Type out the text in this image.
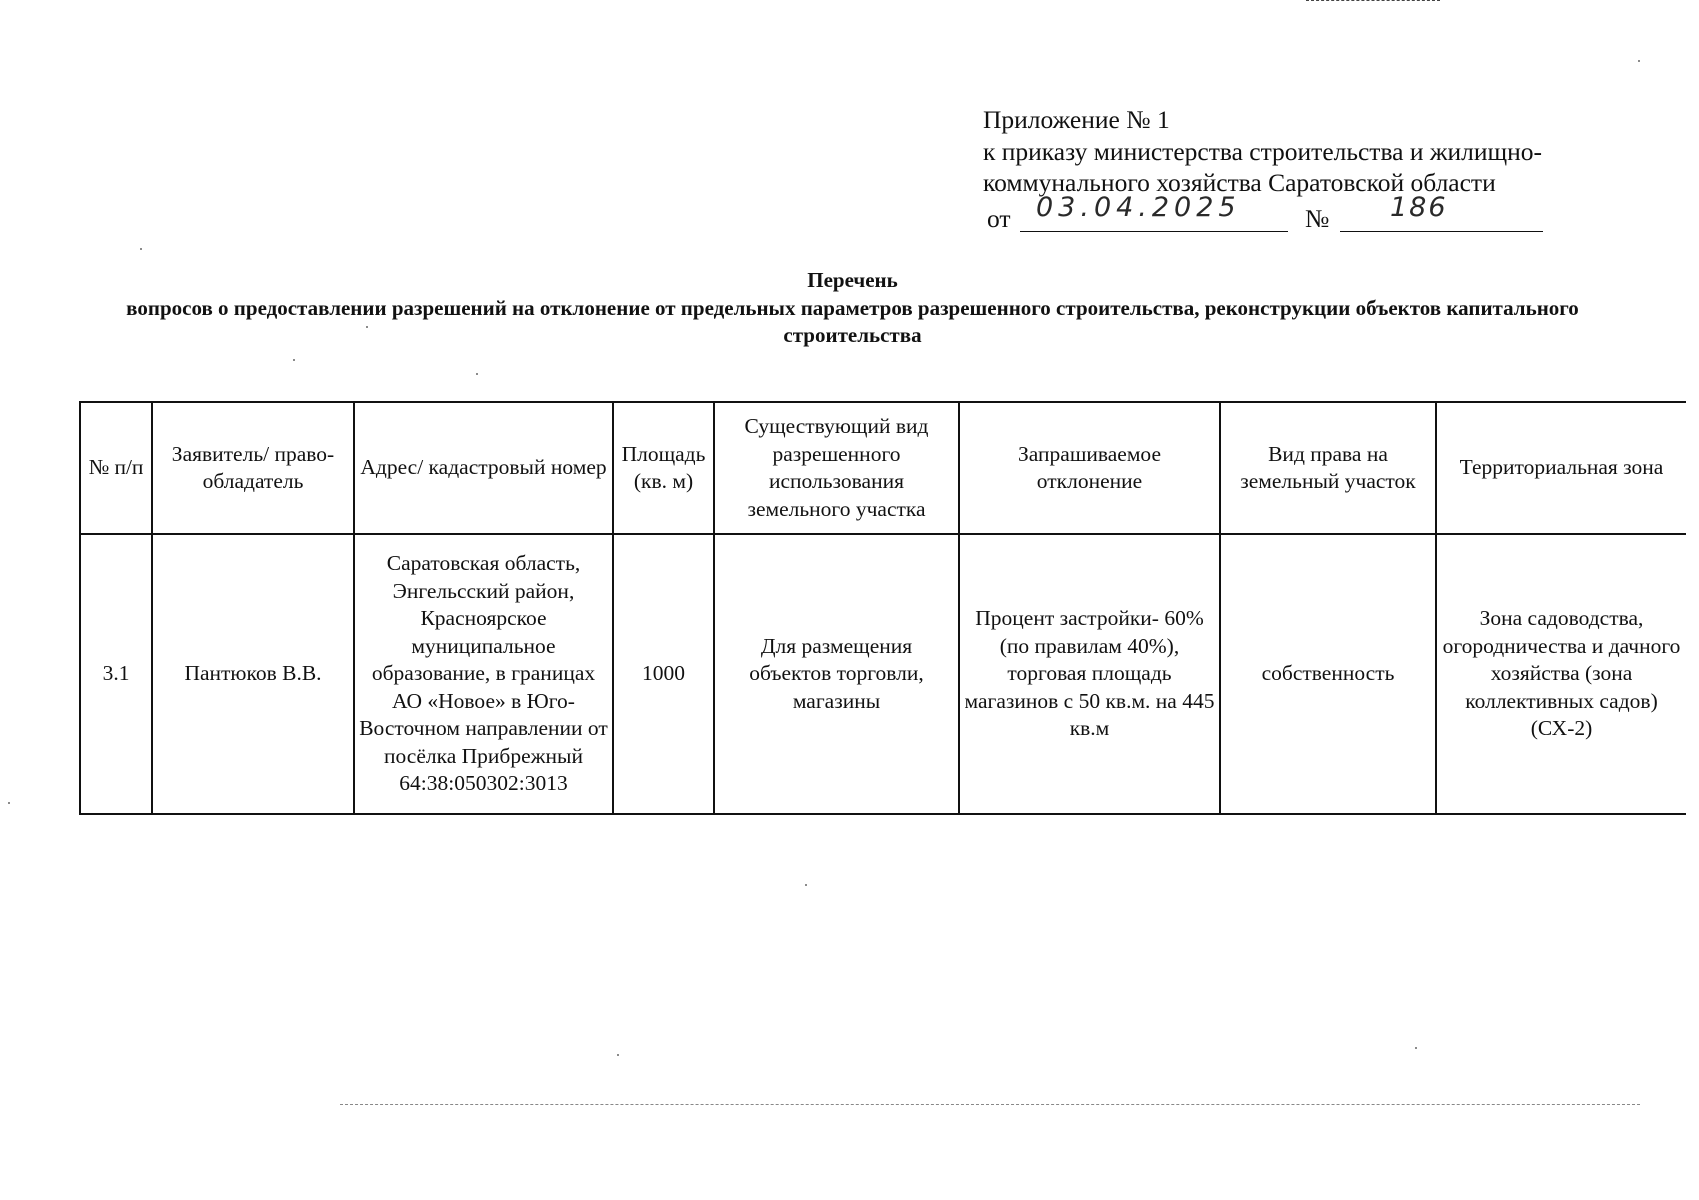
Приложение № 1
к приказу министерства строительства и жилищно-
коммунального хозяйства Саратовской области
от 03.04.2025	№ 186
Перечень
вопросов о предоставлении разрешений на отклонение от предельных параметров разрешенного строительства, реконструкции объектов капитального строительства
№ п/п	Заявитель/ право-обладатель	Адрес/ кадастровый номер	Площадь (кв. м)	Существующий вид разрешенного использования земельного участка	Запрашиваемое отклонение	Вид права на земельный участок	Территориальная зона
3.1	Пантюков В.В.	Саратовская область, Энгельсский район, Красноярское муниципальное образование, в границах АО «Новое» в Юго-Восточном направлении от посёлка Прибрежный 64:38:050302:3013	1000	Для размещения объектов торговли, магазины	Процент застройки- 60% (по правилам 40%), торговая площадь магазинов с 50 кв.м. на 445 кв.м	собственность	Зона садоводства, огородничества и дачного хозяйства (зона коллективных садов)(СХ-2)
